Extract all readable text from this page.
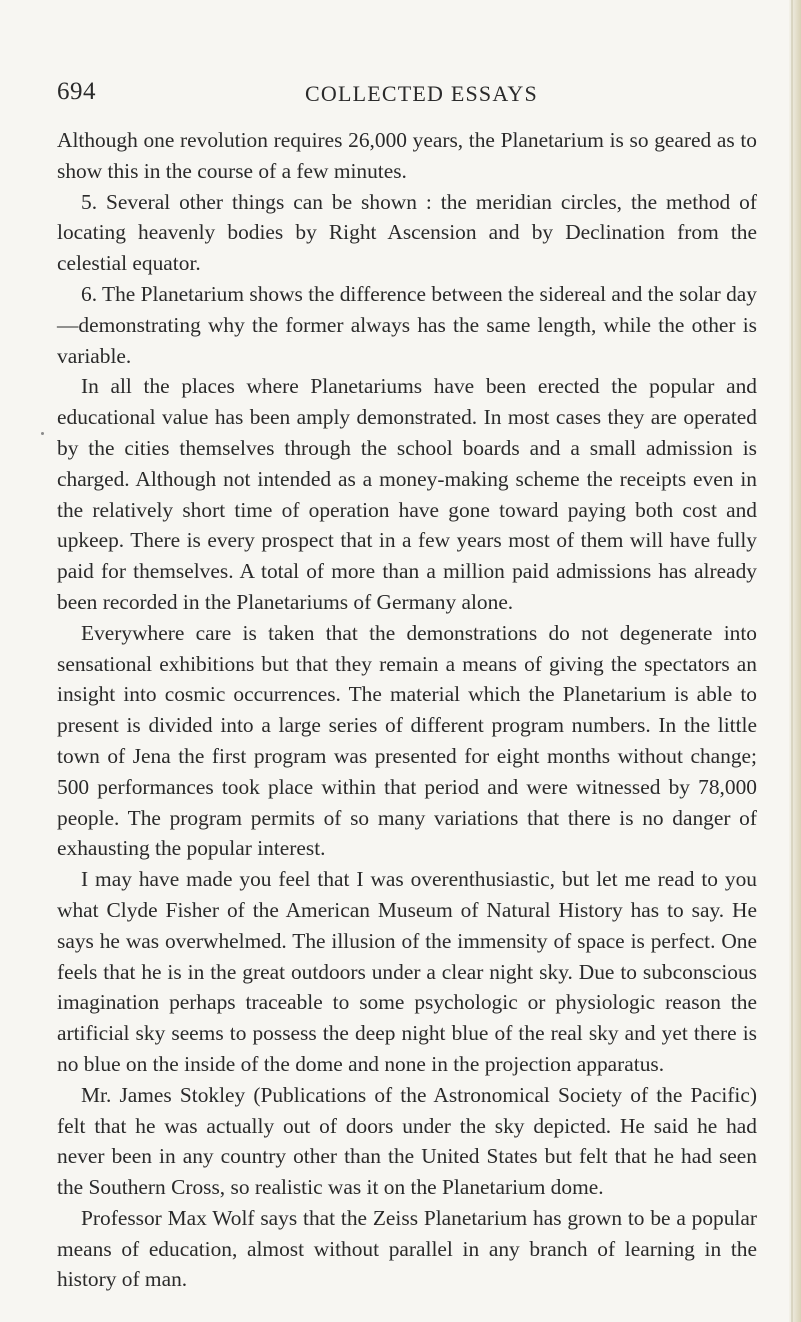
694	COLLECTED ESSAYS

Although one revolution requires 26,000 years, the Planetarium is so geared as to show this in the course of a few minutes.

5. Several other things can be shown : the meridian circles, the method of locating heavenly bodies by Right Ascension and by Declination from the celestial equator.

6. The Planetarium shows the difference between the sidereal and the solar day—demonstrating why the former always has the same length, while the other is variable.

In all the places where Planetariums have been erected the popular and educational value has been amply demonstrated. In most cases they are operated by the cities themselves through the school boards and a small admission is charged. Although not intended as a money-making scheme the receipts even in the relatively short time of operation have gone toward paying both cost and upkeep. There is every prospect that in a few years most of them will have fully paid for themselves. A total of more than a million paid admissions has already been recorded in the Planetariums of Germany alone.

Everywhere care is taken that the demonstrations do not degenerate into sensational exhibitions but that they remain a means of giving the spectators an insight into cosmic occurrences. The material which the Planetarium is able to present is divided into a large series of different program numbers. In the little town of Jena the first program was presented for eight months without change; 500 performances took place within that period and were witnessed by 78,000 people. The program permits of so many variations that there is no danger of exhausting the popular interest.

I may have made you feel that I was overenthusiastic, but let me read to you what Clyde Fisher of the American Museum of Natural History has to say. He says he was overwhelmed. The illusion of the immensity of space is perfect. One feels that he is in the great outdoors under a clear night sky. Due to subconscious imagination perhaps traceable to some psychologic or physiologic reason the artificial sky seems to possess the deep night blue of the real sky and yet there is no blue on the inside of the dome and none in the projection apparatus.

Mr. James Stokley (Publications of the Astronomical Society of the Pacific) felt that he was actually out of doors under the sky depicted. He said he had never been in any country other than the United States but felt that he had seen the Southern Cross, so realistic was it on the Planetarium dome.

Professor Max Wolf says that the Zeiss Planetarium has grown to be a popular means of education, almost without parallel in any branch of learning in the history of man.
